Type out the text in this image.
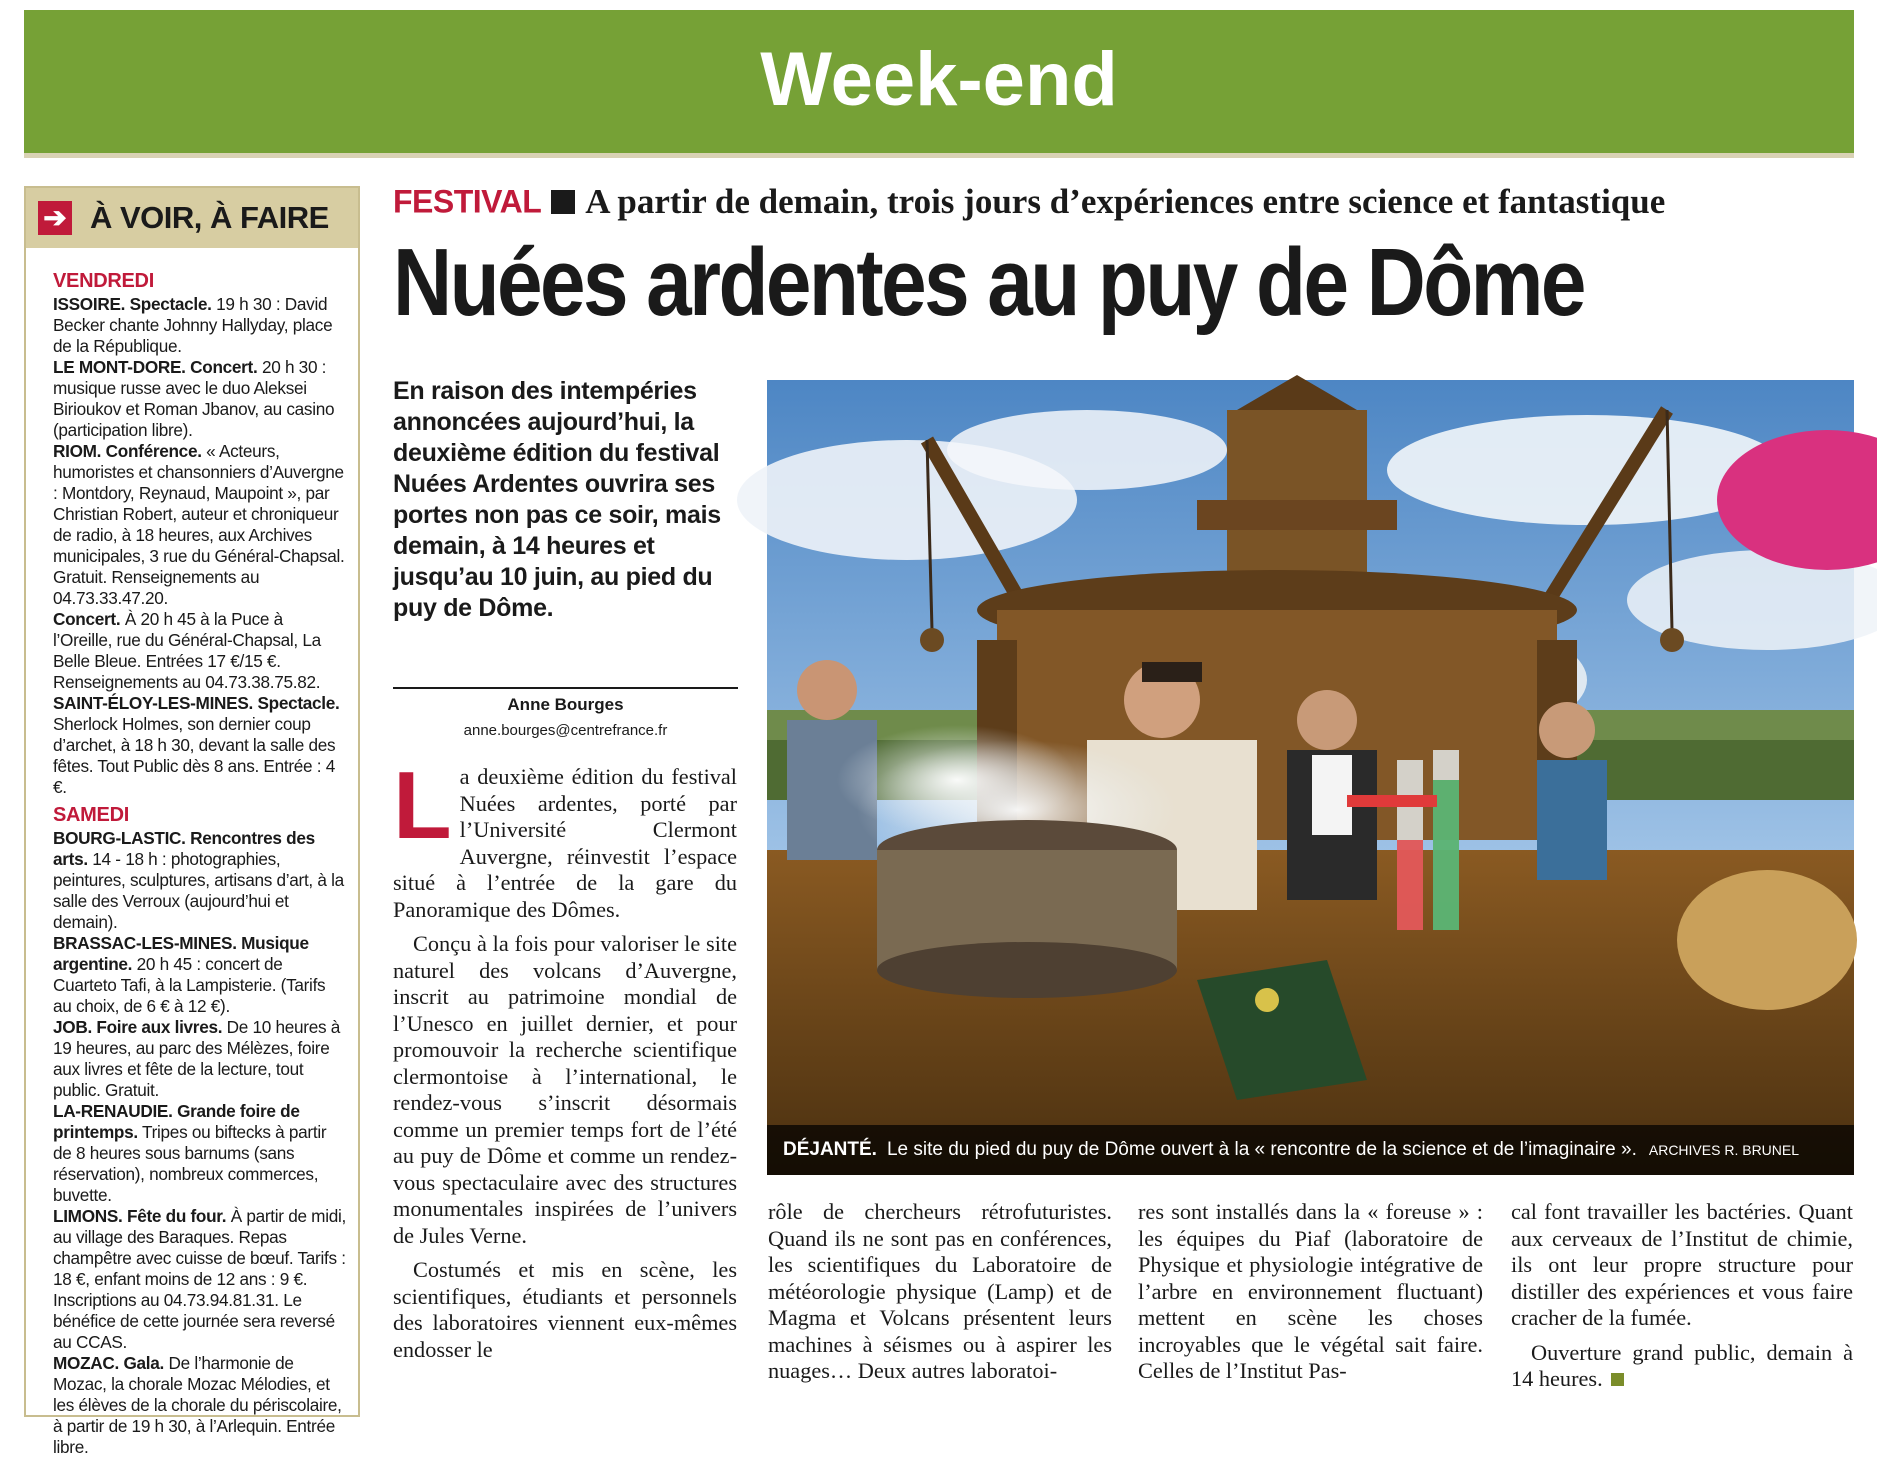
Week-end
➔ À VOIR, À FAIRE
VENDREDI

ISSOIRE. Spectacle. 19 h 30 : David Becker chante Johnny Hallyday, place de la République.

LE MONT-DORE. Concert. 20 h 30 : musique russe avec le duo Aleksei Birioukov et Roman Jbanov, au casino (participation libre).

RIOM. Conférence. « Acteurs, humoristes et chansonniers d’Auvergne : Montdory, Reynaud, Maupoint », par Christian Robert, auteur et chroniqueur de radio, à 18 heures, aux Archives municipales, 3 rue du Général-Chapsal. Gratuit. Renseignements au 04.73.33.47.20.

Concert. À 20 h 45 à la Puce à l’Oreille, rue du Général-Chapsal, La Belle Bleue. Entrées 17 €/15 €. Renseignements au 04.73.38.75.82.

SAINT-ÉLOY-LES-MINES. Spectacle. Sherlock Holmes, son dernier coup d’archet, à 18 h 30, devant la salle des fêtes. Tout Public dès 8 ans. Entrée : 4 €.

SAMEDI

BOURG-LASTIC. Rencontres des arts. 14 - 18 h : photographies, peintures, sculptures, artisans d’art, à la salle des Verroux (aujourd’hui et demain).

BRASSAC-LES-MINES. Musique argentine. 20 h 45 : concert de Cuarteto Tafi, à la Lampisterie. (Tarifs au choix, de 6 € à 12 €).

JOB. Foire aux livres. De 10 heures à 19 heures, au parc des Mélèzes, foire aux livres et fête de la lecture, tout public. Gratuit.

LA-RENAUDIE. Grande foire de printemps. Tripes ou biftecks à partir de 8 heures sous barnums (sans réservation), nombreux commerces, buvette.

LIMONS. Fête du four. À partir de midi, au village des Baraques. Repas champêtre avec cuisse de bœuf. Tarifs : 18 €, enfant moins de 12 ans : 9 €. Inscriptions au 04.73.94.81.31. Le bénéfice de cette journée sera reversé au CCAS.

MOZAC. Gala. De l’harmonie de Mozac, la chorale Mozac Mélodies, et les élèves de la chorale du périscolaire, à partir de 19 h 30, à l’Arlequin. Entrée libre.

FESTIVAL A partir de demain, trois jours d’expériences entre science et fantastique
Nuées ardentes au puy de Dôme
En raison des intempéries annoncées aujourd’hui, la deuxième édition du festival Nuées Ardentes ouvrira ses portes non pas ce soir, mais demain, à 14 heures et jusqu’au 10 juin, au pied du puy de Dôme.
Anne Bourges
anne.bourges@centrefrance.fr

La deuxième édition du festival Nuées ardentes, porté par l’Université Clermont Auvergne, réinvestit l’espace situé à l’entrée de la gare du Panoramique des Dômes.

Conçu à la fois pour valoriser le site naturel des volcans d’Auvergne, inscrit au patrimoine mondial de l’Unesco en juillet dernier, et pour promouvoir la recherche scientifique clermontoise à l’international, le rendez-vous s’inscrit désormais comme un premier temps fort de l’été au puy de Dôme et comme un rendez-vous spectaculaire avec des structures monumentales inspirées de l’univers de Jules Verne.

Costumés et mis en scène, les scientifiques, étudiants et personnels des laboratoires viennent eux-mêmes endosser le

rôle de chercheurs rétrofuturistes. Quand ils ne sont pas en conférences, les scientifiques du Laboratoire de météorologie physique (Lamp) et de Magma et Volcans présentent leurs machines à séismes ou à aspirer les nuages… Deux autres laboratoi-

res sont installés dans la « foreuse » : les équipes du Piaf (laboratoire de Physique et physiologie intégrative de l’arbre en environnement fluctuant) mettent en scène les choses incroyables que le végétal sait faire. Celles de l’Institut Pas-

cal font travailler les bactéries. Quant aux cerveaux de l’Institut de chimie, ils ont leur propre structure pour distiller des expériences et vous faire cracher de la fumée.

Ouverture grand public, demain à 14 heures.

DÉJANTÉ. Le site du pied du puy de Dôme ouvert à la « rencontre de la science et de l’imaginaire ». ARCHIVES R. BRUNEL
